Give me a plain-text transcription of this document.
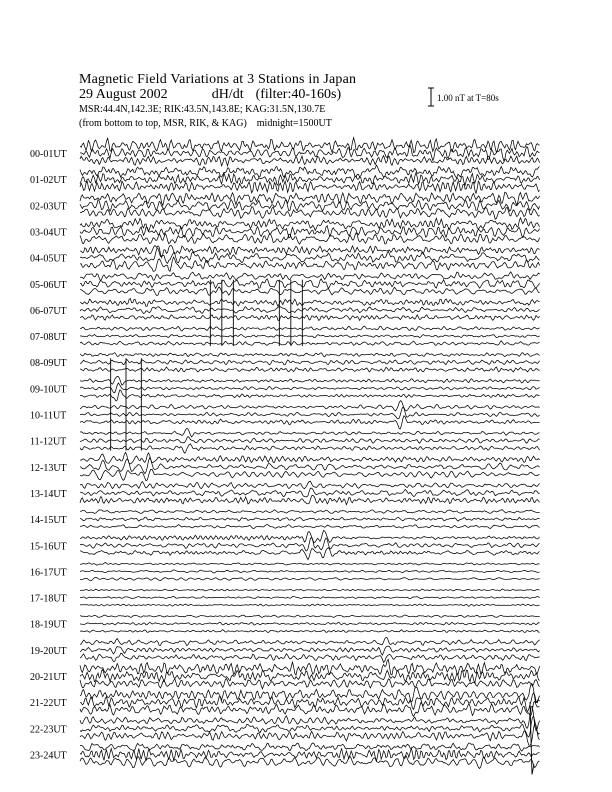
Magnetic Field Variations at 3 Stations in Japan
29 August 2002	dH/dt (filter:40-160s)
MSR:44.4N,142.3E; RIK:43.5N,143.8E; KAG:31.5N,130.7E
(from bottom to top, MSR, RIK, & KAG) midnight=1500UT
1.00 nT at T=80s
00-01UT
01-02UT
02-03UT
03-04UT
04-05UT
05-06UT
06-07UT
07-08UT
08-09UT
09-10UT
10-11UT
11-12UT
12-13UT
13-14UT
14-15UT
15-16UT
16-17UT
17-18UT
18-19UT
19-20UT
20-21UT
21-22UT
22-23UT
23-24UT
